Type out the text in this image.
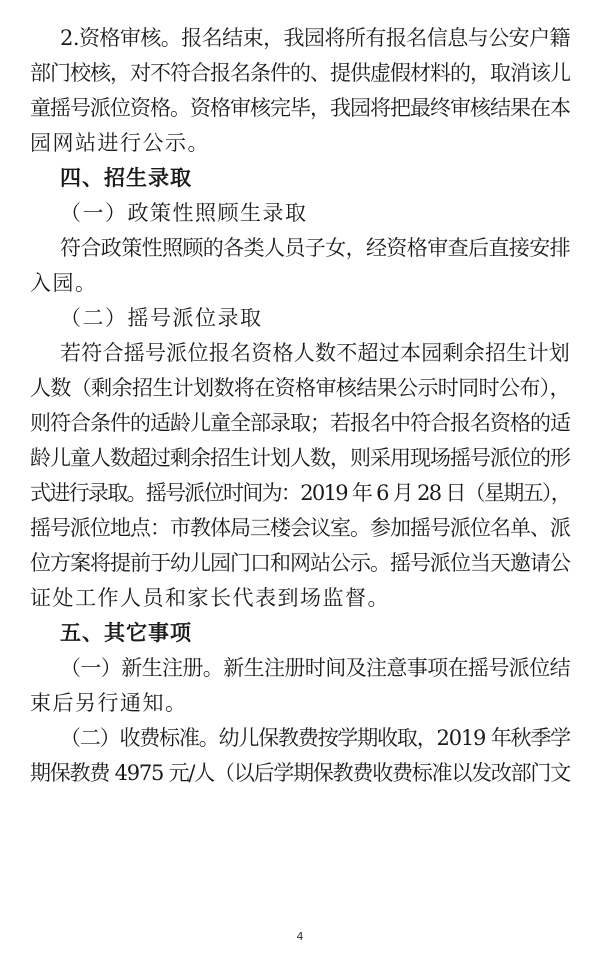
2.资格审核。报名结束，我园将所有报名信息与公安户籍
部门校核，对不符合报名条件的、提供虚假材料的，取消该儿
童摇号派位资格。资格审核完毕，我园将把最终审核结果在本
园网站进行公示。
四、招生录取
（一）政策性照顾生录取
符合政策性照顾的各类人员子女，经资格审查后直接安排
入园。
（二）摇号派位录取
若符合摇号派位报名资格人数不超过本园剩余招生计划
人数（剩余招生计划数将在资格审核结果公示时同时公布），
则符合条件的适龄儿童全部录取；若报名中符合报名资格的适
龄儿童人数超过剩余招生计划人数，则采用现场摇号派位的形
式进行录取。摇号派位时间为：2019 年 6 月 28 日（星期五），
摇号派位地点：市教体局三楼会议室。参加摇号派位名单、派
位方案将提前于幼儿园门口和网站公示。摇号派位当天邀请公
证处工作人员和家长代表到场监督。
五、其它事项
（一）新生注册。新生注册时间及注意事项在摇号派位结
束后另行通知。
（二）收费标准。幼儿保教费按学期收取，2019 年秋季学
期保教费 4975 元/人（以后学期保教费收费标准以发改部门文
4
